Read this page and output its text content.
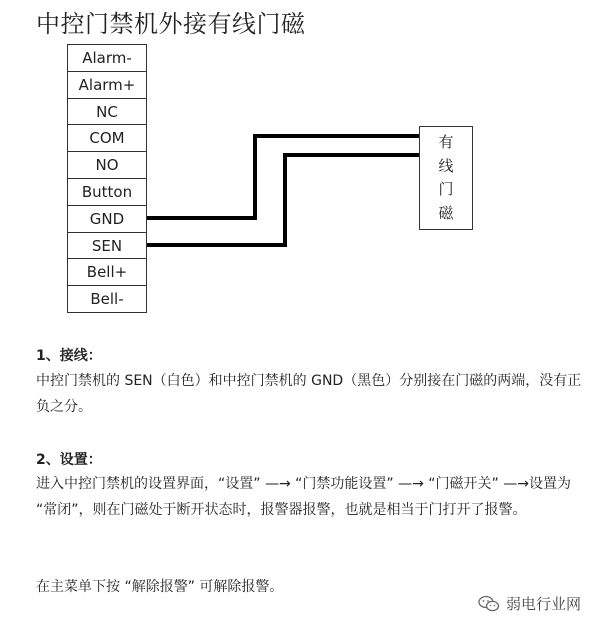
中控门禁机外接有线门磁
Alarm-
Alarm+
NC
COM
NO
Button
GND
SEN
Bell+
Bell-
有
线
门
磁
1、接线：

中控门禁机的 SEN（白色）和中控门禁机的 GND（黑色）分别接在门磁的两端，没有正负之分。

2、设置：

进入中控门禁机的设置界面，“设置” —→ “门禁功能设置” —→ “门磁开关” —→设置为 “常闭”，则在门磁处于断开状态时，报警器报警，也就是相当于门打开了报警。

在主菜单下按 “解除报警” 可解除报警。

弱电行业网
